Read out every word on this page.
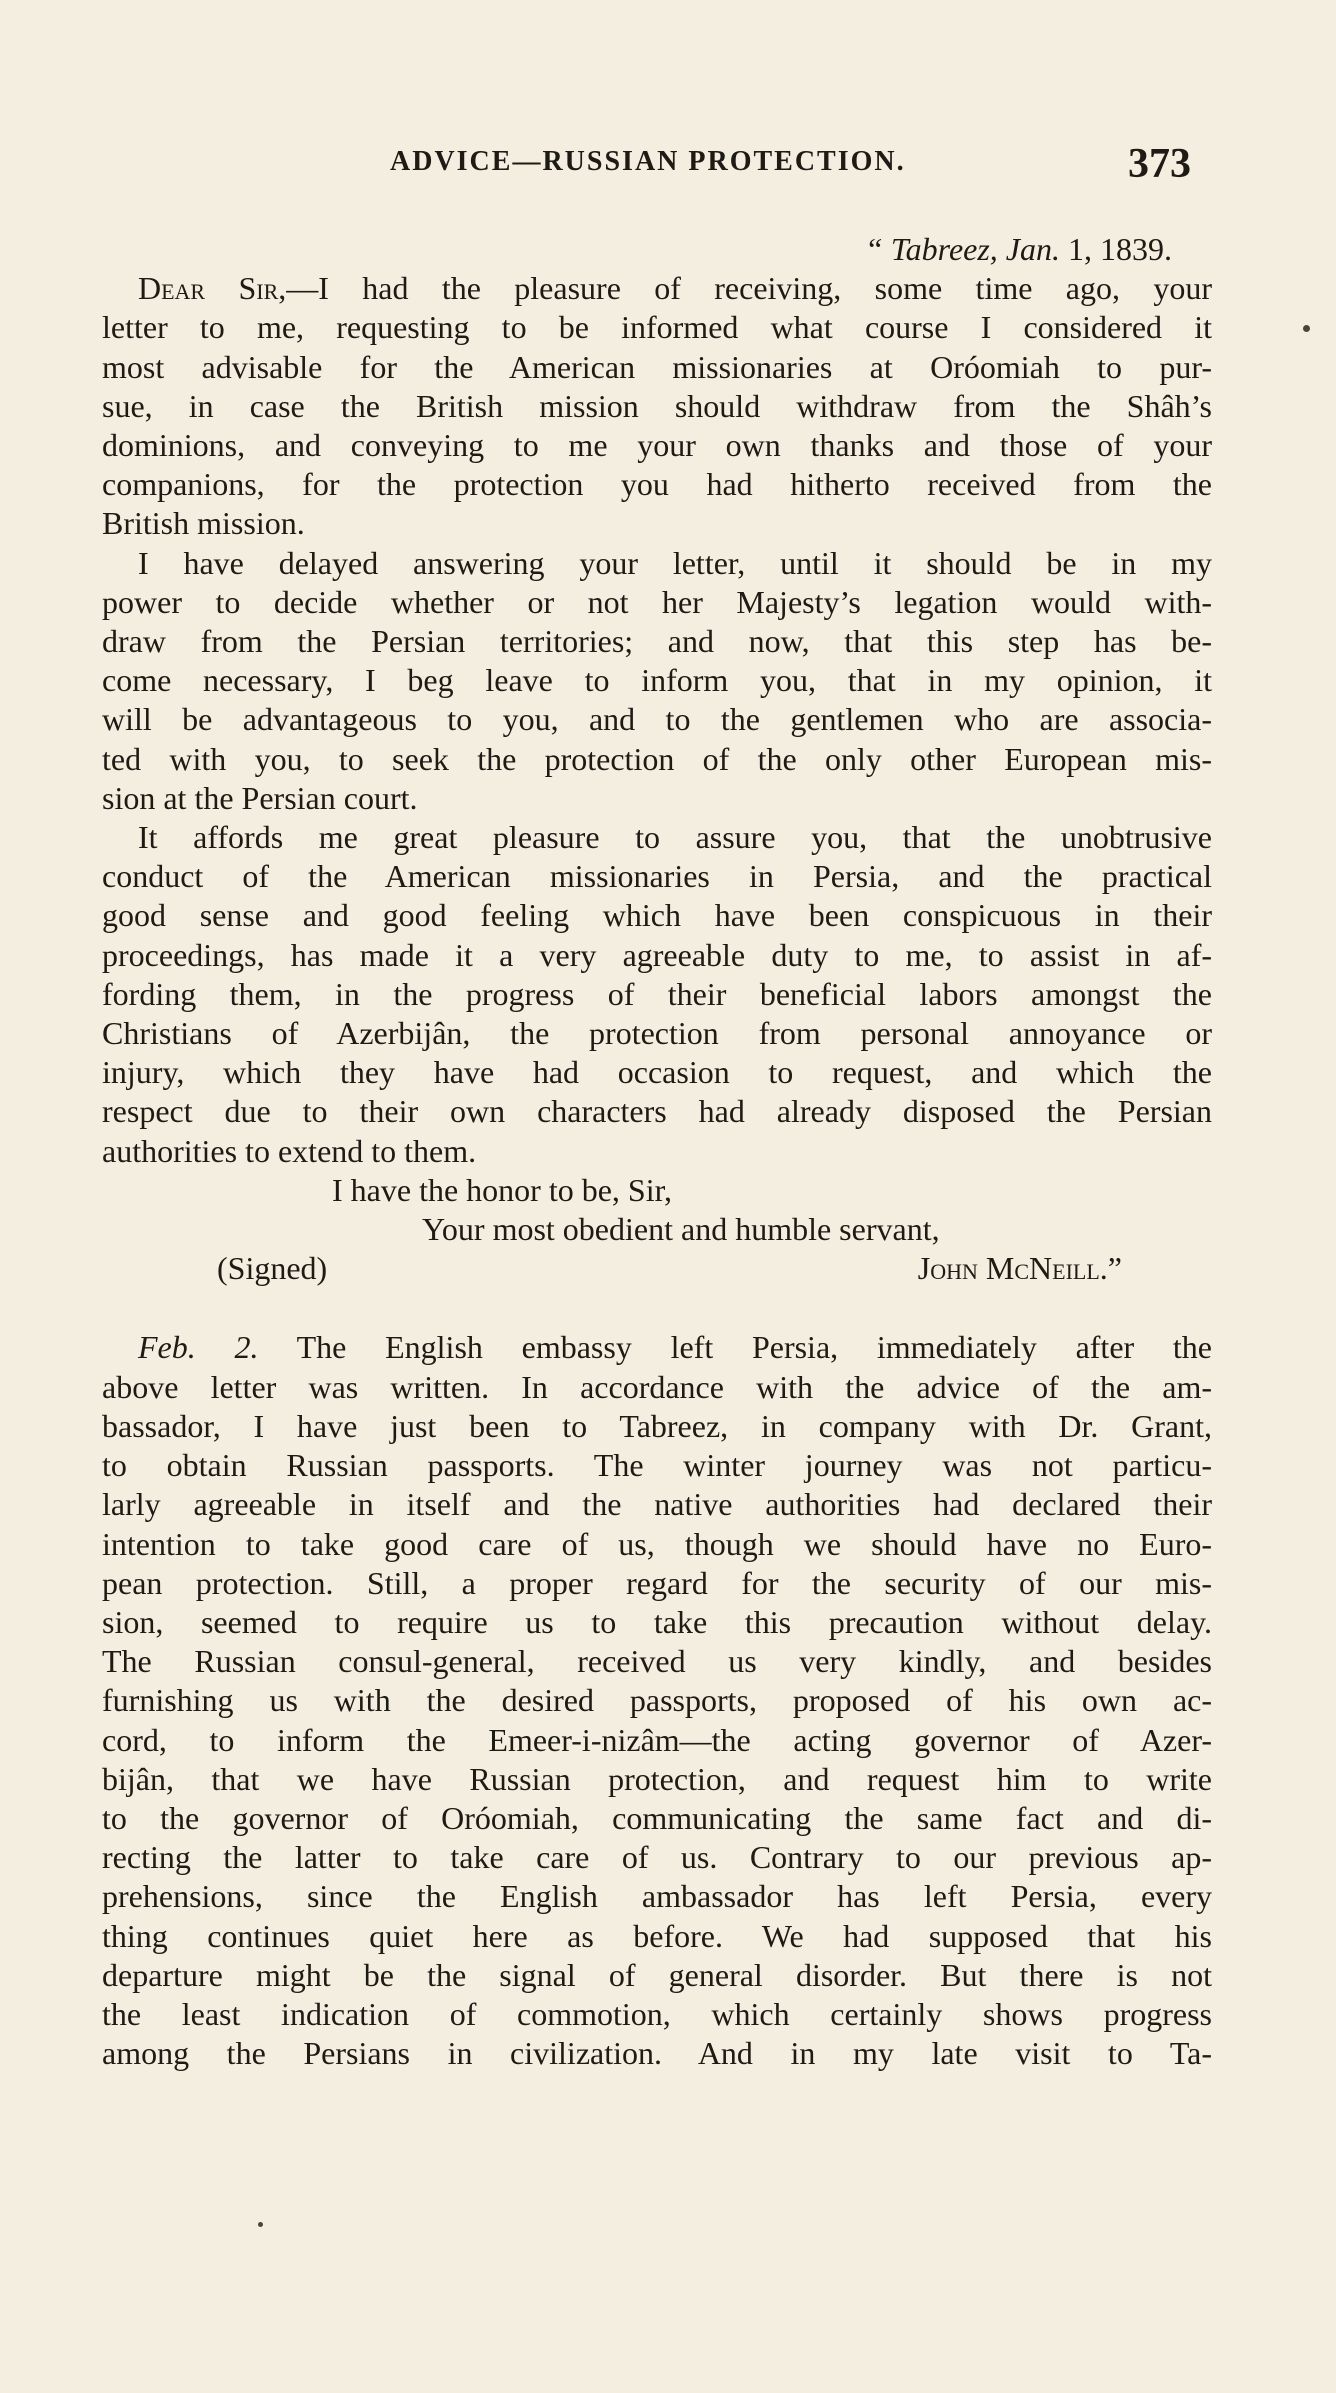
ADVICE—RUSSIAN PROTECTION.	373

“ Tabreez, Jan. 1, 1839.

Dear Sir,—I had the pleasure of receiving, some time ago, your

letter to me, requesting to be informed what course I considered it

most advisable for the American missionaries at Oróomiah to pur-

sue, in case the British mission should withdraw from the Shâh’s

dominions, and conveying to me your own thanks and those of your

companions, for the protection you had hitherto received from the

British mission.

I have delayed answering your letter, until it should be in my

power to decide whether or not her Majesty’s legation would with-

draw from the Persian territories; and now, that this step has be-

come necessary, I beg leave to inform you, that in my opinion, it

will be advantageous to you, and to the gentlemen who are associa-

ted with you, to seek the protection of the only other European mis-

sion at the Persian court.

It affords me great pleasure to assure you, that the unobtrusive

conduct of the American missionaries in Persia, and the practical

good sense and good feeling which have been conspicuous in their

proceedings, has made it a very agreeable duty to me, to assist in af-

fording them, in the progress of their beneficial labors amongst the

Christians of Azerbijân, the protection from personal annoyance or

injury, which they have had occasion to request, and which the

respect due to their own characters had already disposed the Persian

authorities to extend to them.

I have the honor to be, Sir,

Your most obedient and humble servant,

(Signed)	John McNeill.”

Feb. 2. The English embassy left Persia, immediately after the

above letter was written. In accordance with the advice of the am-

bassador, I have just been to Tabreez, in company with Dr. Grant,

to obtain Russian passports. The winter journey was not particu-

larly agreeable in itself and the native authorities had declared their

intention to take good care of us, though we should have no Euro-

pean protection. Still, a proper regard for the security of our mis-

sion, seemed to require us to take this precaution without delay.

The Russian consul-general, received us very kindly, and besides

furnishing us with the desired passports, proposed of his own ac-

cord, to inform the Emeer-i-nizâm—the acting governor of Azer-

bijân, that we have Russian protection, and request him to write

to the governor of Oróomiah, communicating the same fact and di-

recting the latter to take care of us. Contrary to our previous ap-

prehensions, since the English ambassador has left Persia, every

thing continues quiet here as before. We had supposed that his

departure might be the signal of general disorder. But there is not

the least indication of commotion, which certainly shows progress

among the Persians in civilization. And in my late visit to Ta-
